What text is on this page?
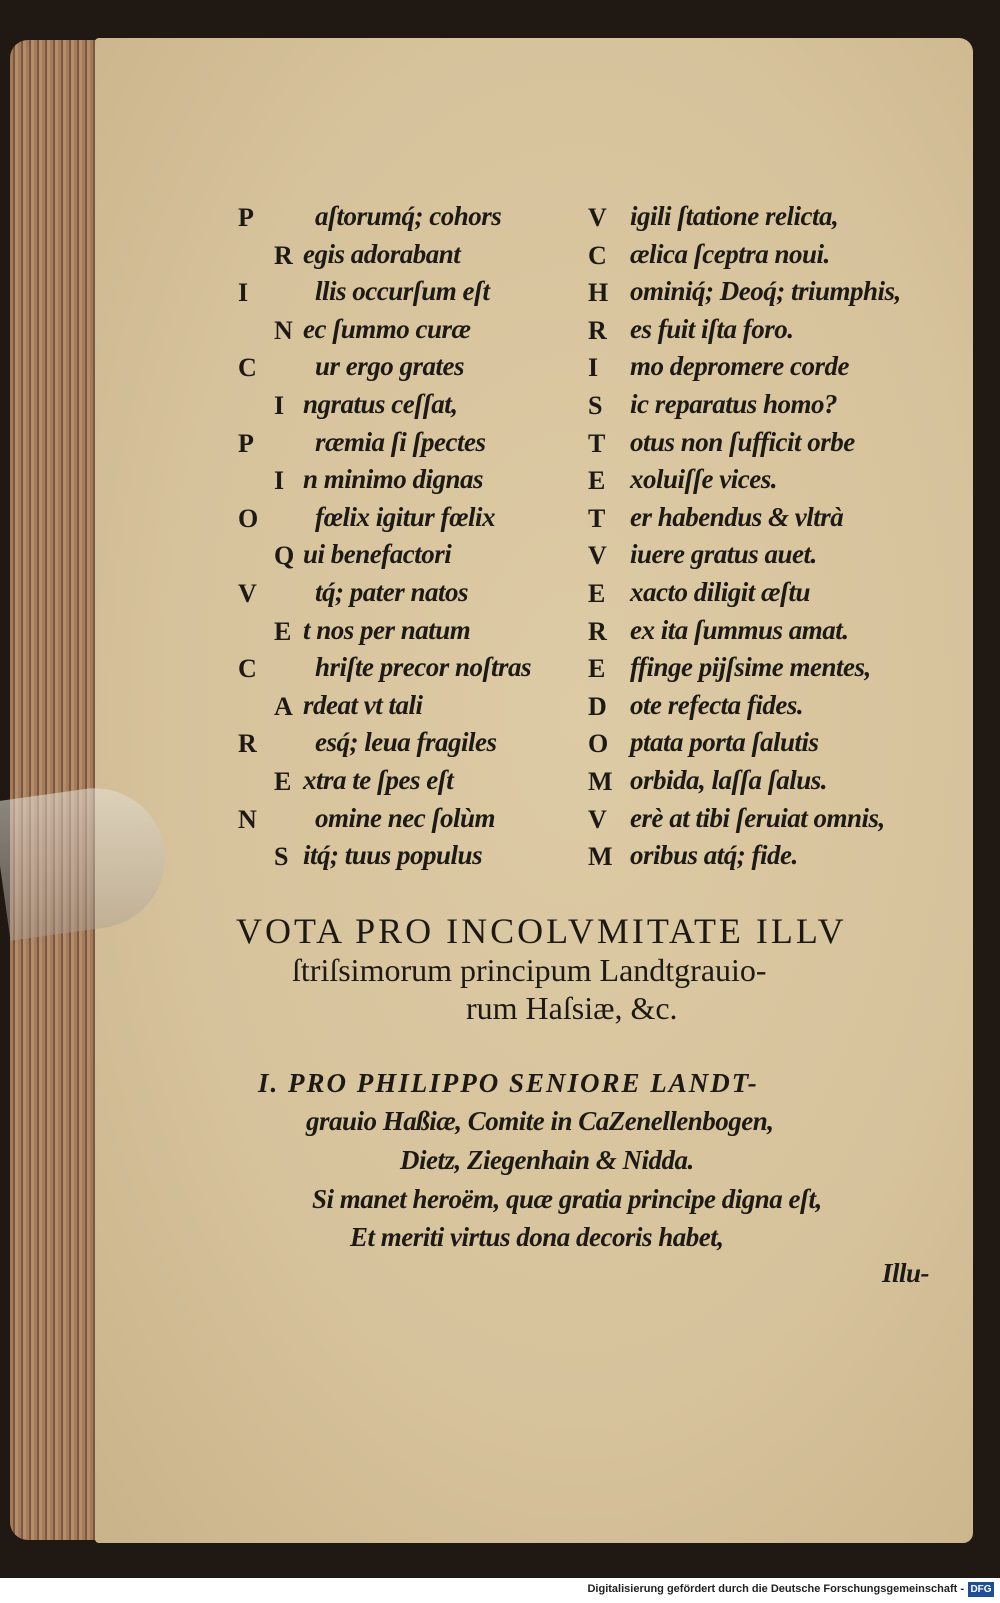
VOTA PRO INCOLVMITATE ILLV
ſtriſsimorum principum Landtgrauio-
rum Haſsiæ, &c.
I. PRO PHILIPPO SENIORE LANDT-
grauio Haßiæ, Comite in CaZenellenbogen,
Dietz, Ziegenhain & Nidda.
Si manet heroëm, quæ gratia principe digna eſt,
Et meriti virtus dona decoris habet,
Illu-
P aſtorumq́; cohors
R egis adorabant
I llis occurſum eſt
N ec ſummo curæ
C ur ergo grates
I ngratus ceſſat,
P ræmia ſi ſpectes
I n minimo dignas
O fœlix igitur fœlix
Q ui benefactori
V tq́; pater natos
E t nos per natum
C hriſte precor noſtras
A rdeat vt tali
R esq́; leua fragiles
E xtra te ſpes eſt
N omine nec ſolùm
S itq́; tuus populus
V igili ſtatione relicta,
C ælica ſceptra noui.
H ominiq́; Deoq́; triumphis,
R es fuit iſta foro.
I mo depromere corde
S ic reparatus homo?
T otus non ſufficit orbe
E xoluiſſe vices.
T er habendus & vltrà
V iuere gratus auet.
E xacto diligit æſtu
R ex ita ſummus amat.
E ffinge pijſsime mentes,
D ote refecta fides.
O ptata porta ſalutis
M orbida, laſſa ſalus.
V erè at tibi ſeruiat omnis,
M oribus atq́; fide.
Digitalisierung gefördert durch die Deutsche Forschungsgemeinschaft - DFG
